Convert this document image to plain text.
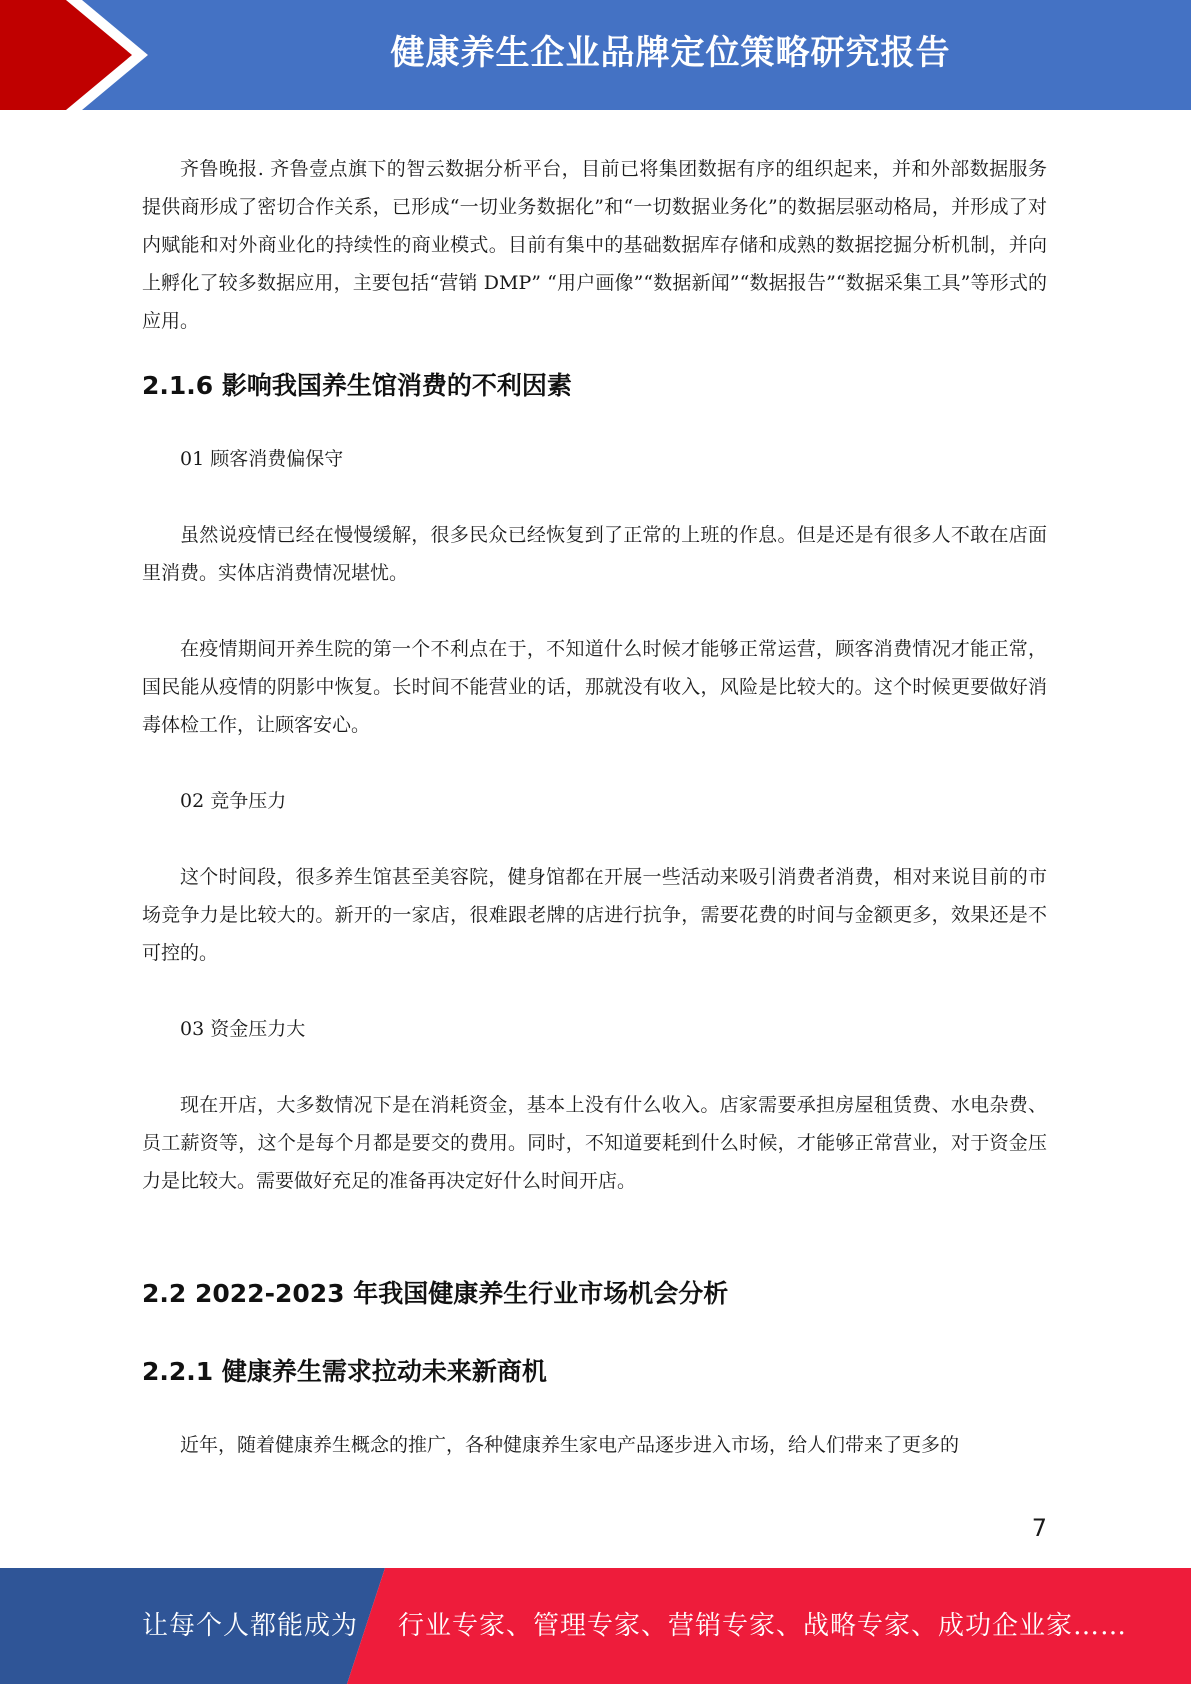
健康养生企业品牌定位策略研究报告

齐鲁晚报. 齐鲁壹点旗下的智云数据分析平台，目前已将集团数据有序的组织起来，并和外部数据服务提供商形成了密切合作关系，已形成“一切业务数据化”和“一切数据业务化”的数据层驱动格局，并形成了对内赋能和对外商业化的持续性的商业模式。目前有集中的基础数据库存储和成熟的数据挖掘分析机制，并向上孵化了较多数据应用，主要包括“营销 DMP” “用户画像”“数据新闻”“数据报告”“数据采集工具”等形式的应用。

2.1.6 影响我国养生馆消费的不利因素

01 顾客消费偏保守

虽然说疫情已经在慢慢缓解，很多民众已经恢复到了正常的上班的作息。但是还是有很多人不敢在店面里消费。实体店消费情况堪忧。

在疫情期间开养生院的第一个不利点在于，不知道什么时候才能够正常运营，顾客消费情况才能正常，国民能从疫情的阴影中恢复。长时间不能营业的话，那就没有收入，风险是比较大的。这个时候更要做好消毒体检工作，让顾客安心。

02 竞争压力

这个时间段，很多养生馆甚至美容院，健身馆都在开展一些活动来吸引消费者消费，相对来说目前的市场竞争力是比较大的。新开的一家店，很难跟老牌的店进行抗争，需要花费的时间与金额更多，效果还是不可控的。

03 资金压力大

现在开店，大多数情况下是在消耗资金，基本上没有什么收入。店家需要承担房屋租赁费、水电杂费、员工薪资等，这个是每个月都是要交的费用。同时，不知道要耗到什么时候，才能够正常营业，对于资金压力是比较大。需要做好充足的准备再决定好什么时间开店。

2.2 2022-2023 年我国健康养生行业市场机会分析
2.2.1 健康养生需求拉动未来新商机

近年，随着健康养生概念的推广，各种健康养生家电产品逐步进入市场，给人们带来了更多的

7
让每个人都能成为 行业专家、管理专家、营销专家、战略专家、成功企业家……
